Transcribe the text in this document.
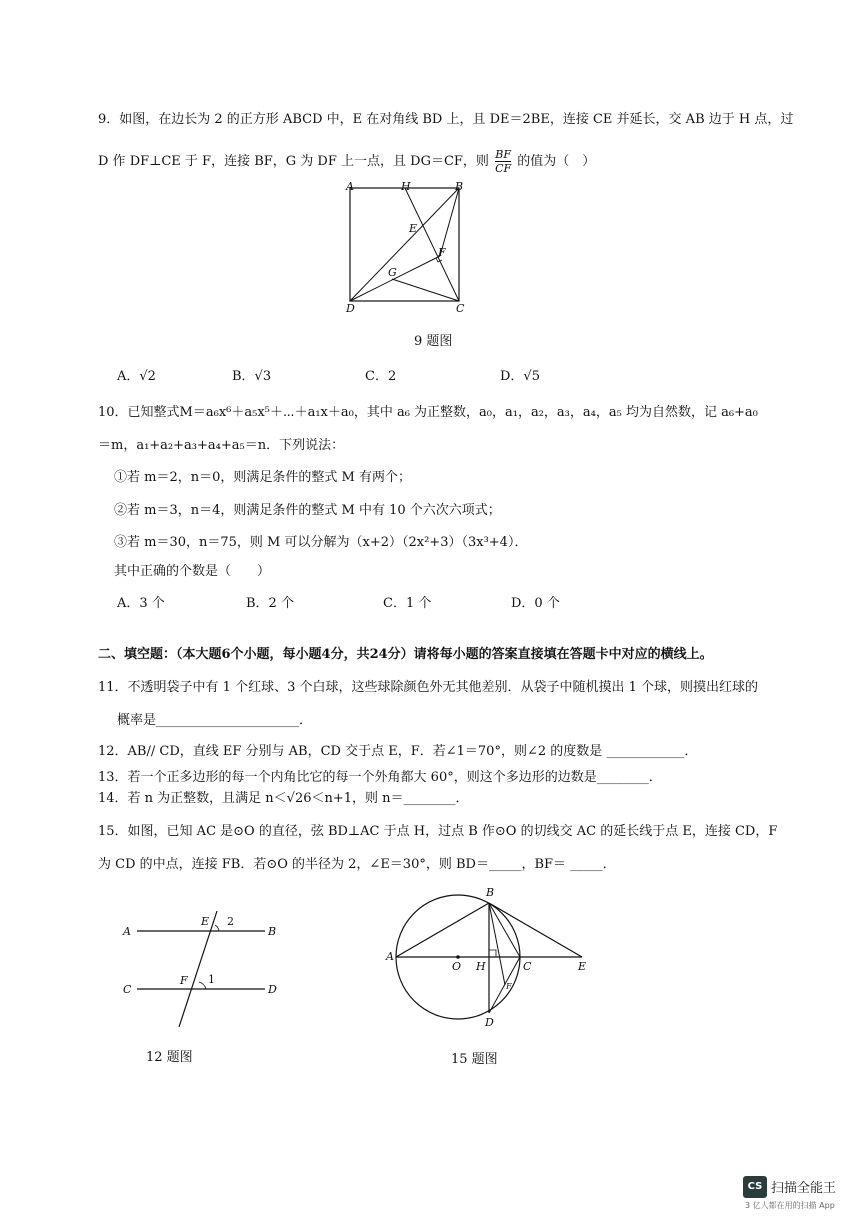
9．如图，在边长为 2 的正方形 ABCD 中，E 在对角线 BD 上，且 DE＝2BE，连接 CE 并延长，交 AB 边于 H 点，过
D 作 DF⊥CE 于 F，连接 BF，G 为 DF 上一点，且 DG＝CF，则 $\frac{BF}{CF}$ 的值为（　）
A	H	B
E
F
G
D	C
9 题图
A．√2	B．√3	C．2	D．√5
10．已知整式M＝a₆x⁶＋a₅x⁵＋⋯＋a₁x＋a₀，其中 a₆ 为正整数，a₀，a₁，a₂，a₃，a₄，a₅ 均为自然数，记 a₆+a₀
＝m，a₁+a₂+a₃+a₄+a₅＝n．下列说法：
①若 m＝2，n＝0，则满足条件的整式 M 有两个；
②若 m＝3，n＝4，则满足条件的整式 M 中有 10 个六次六项式；
③若 m＝30，n＝75，则 M 可以分解为（x+2）（2x²+3）（3x³+4）．
其中正确的个数是（　　）
A．3 个	B．2 个	C．1 个	D．0 个
二、填空题：（本大题6个小题，每小题4分，共24分）请将每小题的答案直接填在答题卡中对应的横线上。
11．不透明袋子中有 1 个红球、3 个白球，这些球除颜色外无其他差别．从袋子中随机摸出 1 个球，则摸出红球的
概率是______________________．
12．AB// CD，直线 EF 分别与 AB，CD 交于点 E，F．若∠1＝70°，则∠2 的度数是 ____________．
13．若一个正多边形的每一个内角比它的每一个外角都大 60°，则这个多边形的边数是________．
14．若 n 为正整数，且满足 n＜√26＜n+1，则 n＝________．
15．如图，已知 AC 是⊙O 的直径，弦 BD⊥AC 于点 H，过点 B 作⊙O 的切线交 AC 的延长线于点 E，连接 CD，F
为 CD 的中点，连接 FB．若⊙O 的半径为 2，∠E＝30°，则 BD＝_____，BF＝ _____．
A	B
C	D
E
F 1
2
12 题图
A
B
C
D
E
F
H
O
15 题图
CS 扫描全能王
3 亿人都在用的扫描 App
